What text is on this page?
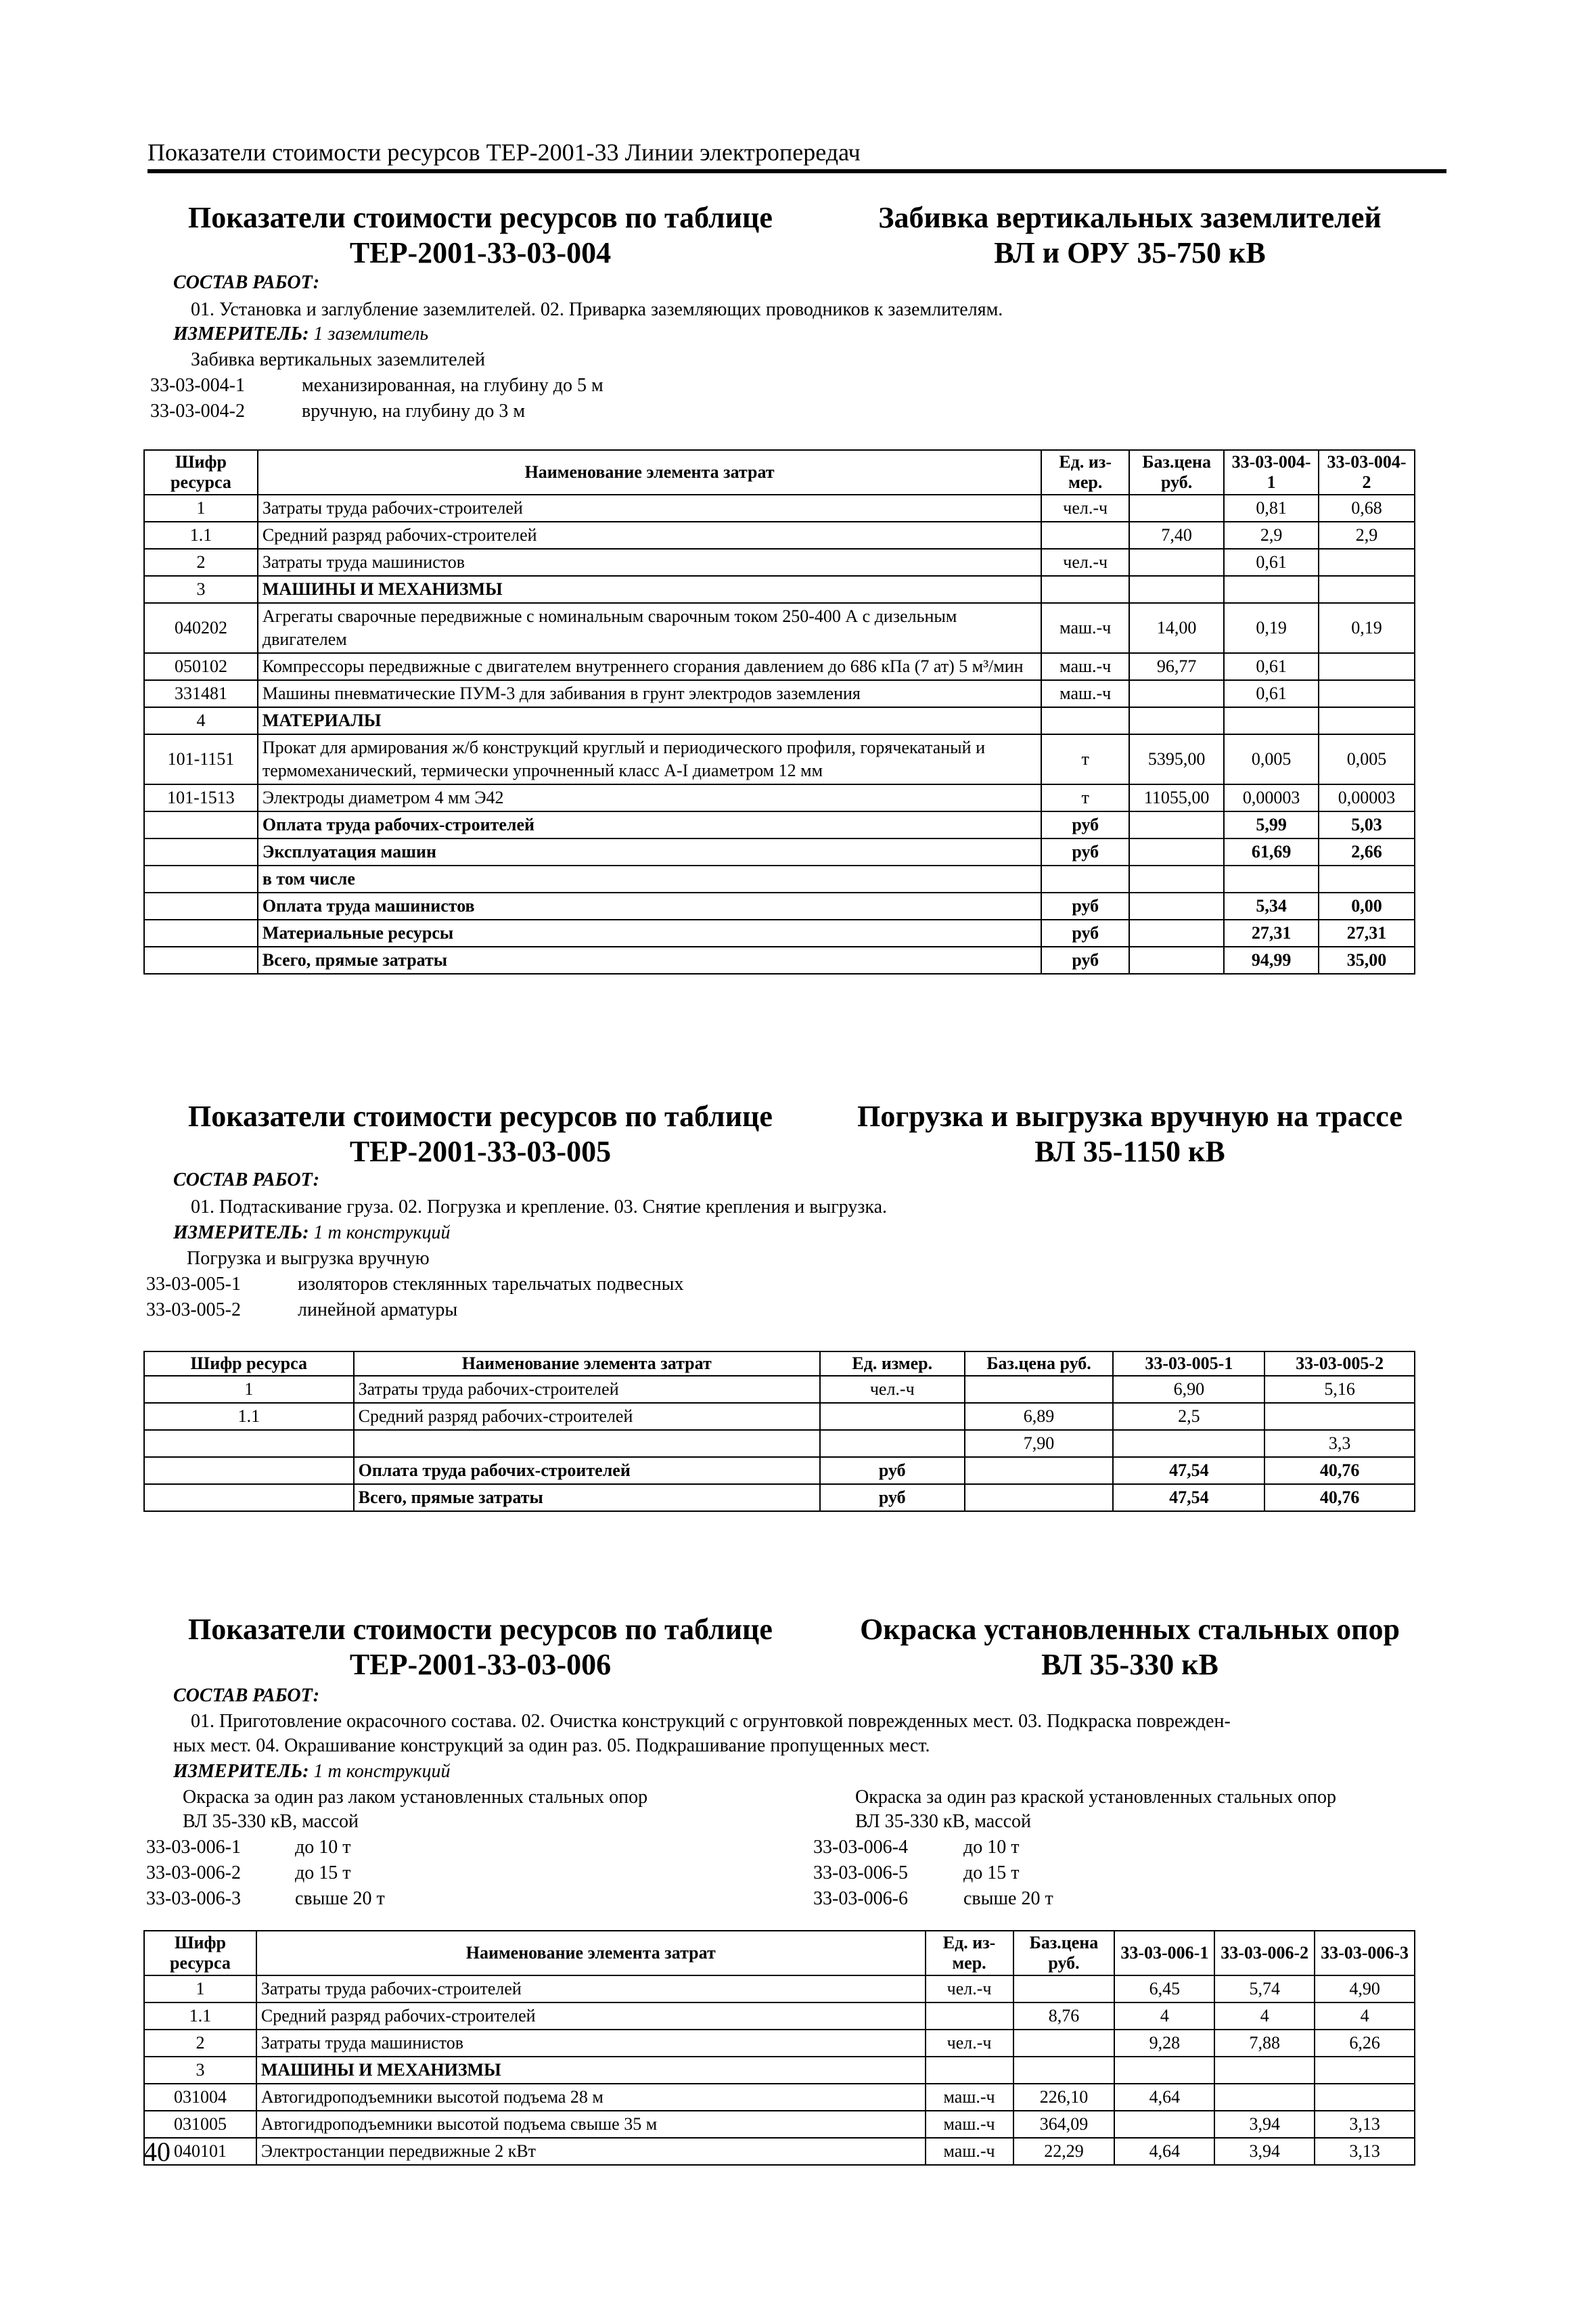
Показатели стоимости ресурсов ТЕР-2001-33 Линии электропередач
Показатели стоимости ресурсов по таблице
ТЕР-2001-33-03-004
Забивка вертикальных заземлителей
ВЛ и ОРУ 35-750 кВ
СОСТАВ РАБОТ:
01. Установка и заглубление заземлителей. 02. Приварка заземляющих проводников к заземлителям.
ИЗМЕРИТЕЛЬ: 1 заземлитель
Забивка вертикальных заземлителей
33-03-004-1	механизированная, на глубину до 5 м
33-03-004-2	вручную, на глубину до 3 м
Шифр ресурса	Наименование элемента затрат	Ед. из-мер.	Баз.цена руб.	33-03-004-1	33-03-004-2
1	Затраты труда рабочих-строителей	чел.-ч		0,81	0,68
1.1	Средний разряд рабочих-строителей		7,40	2,9	2,9
2	Затраты труда машинистов	чел.-ч		0,61	
3	МАШИНЫ И МЕХАНИЗМЫ				
040202	Агрегаты сварочные передвижные с номинальным сварочным током 250-400 А с дизельным двигателем	маш.-ч	14,00	0,19	0,19
050102	Компрессоры передвижные с двигателем внутреннего сгорания давлением до 686 кПа (7 ат) 5 м³/мин	маш.-ч	96,77	0,61	
331481	Машины пневматические ПУМ-3 для забивания в грунт электродов заземления	маш.-ч		0,61	
4	МАТЕРИАЛЫ				
101-1151	Прокат для армирования ж/б конструкций круглый и периодического профиля, горячекатаный и термомеханический, термически упрочненный класс А-I диаметром 12 мм	т	5395,00	0,005	0,005
101-1513	Электроды диаметром 4 мм Э42	т	11055,00	0,00003	0,00003
	Оплата труда рабочих-строителей	руб		5,99	5,03
	Эксплуатация машин	руб		61,69	2,66
	в том числе				
	Оплата труда машинистов	руб		5,34	0,00
	Материальные ресурсы	руб		27,31	27,31
	Всего, прямые затраты	руб		94,99	35,00
Показатели стоимости ресурсов по таблице
ТЕР-2001-33-03-005
Погрузка и выгрузка вручную на трассе
ВЛ 35-1150 кВ
СОСТАВ РАБОТ:
01. Подтаскивание груза. 02. Погрузка и крепление. 03. Снятие крепления и выгрузка.
ИЗМЕРИТЕЛЬ: 1 т конструкций
Погрузка и выгрузка вручную
33-03-005-1	изоляторов стеклянных тарельчатых подвесных
33-03-005-2	линейной арматуры
Шифр ресурса	Наименование элемента затрат	Ед. измер.	Баз.цена руб.	33-03-005-1	33-03-005-2
1	Затраты труда рабочих-строителей	чел.-ч		6,90	5,16
1.1	Средний разряд рабочих-строителей		6,89	2,5	
			7,90		3,3
	Оплата труда рабочих-строителей	руб		47,54	40,76
	Всего, прямые затраты	руб		47,54	40,76
Показатели стоимости ресурсов по таблице
ТЕР-2001-33-03-006
Окраска установленных стальных опор
ВЛ 35-330 кВ
СОСТАВ РАБОТ:
01. Приготовление окрасочного состава. 02. Очистка конструкций с огрунтовкой поврежденных мест. 03. Подкраска поврежден-
ных мест. 04. Окрашивание конструкций за один раз. 05. Подкрашивание пропущенных мест.
ИЗМЕРИТЕЛЬ: 1 т конструкций
Окраска за один раз лаком установленных стальных опор
ВЛ 35-330 кВ, массой
Окраска за один раз краской установленных стальных опор
ВЛ 35-330 кВ, массой
33-03-006-1	до 10 т
33-03-006-2	до 15 т
33-03-006-3	свыше 20 т
33-03-006-4	до 10 т
33-03-006-5	до 15 т
33-03-006-6	свыше 20 т
Шифр ресурса	Наименование элемента затрат	Ед. из-мер.	Баз.цена руб.	33-03-006-1	33-03-006-2	33-03-006-3
1	Затраты труда рабочих-строителей	чел.-ч		6,45	5,74	4,90
1.1	Средний разряд рабочих-строителей		8,76	4	4	4
2	Затраты труда машинистов	чел.-ч		9,28	7,88	6,26
3	МАШИНЫ И МЕХАНИЗМЫ					
031004	Автогидроподъемники высотой подъема 28 м	маш.-ч	226,10	4,64		
031005	Автогидроподъемники высотой подъема свыше 35 м	маш.-ч	364,09		3,94	3,13
040101	Электростанции передвижные 2 кВт	маш.-ч	22,29	4,64	3,94	3,13
40
